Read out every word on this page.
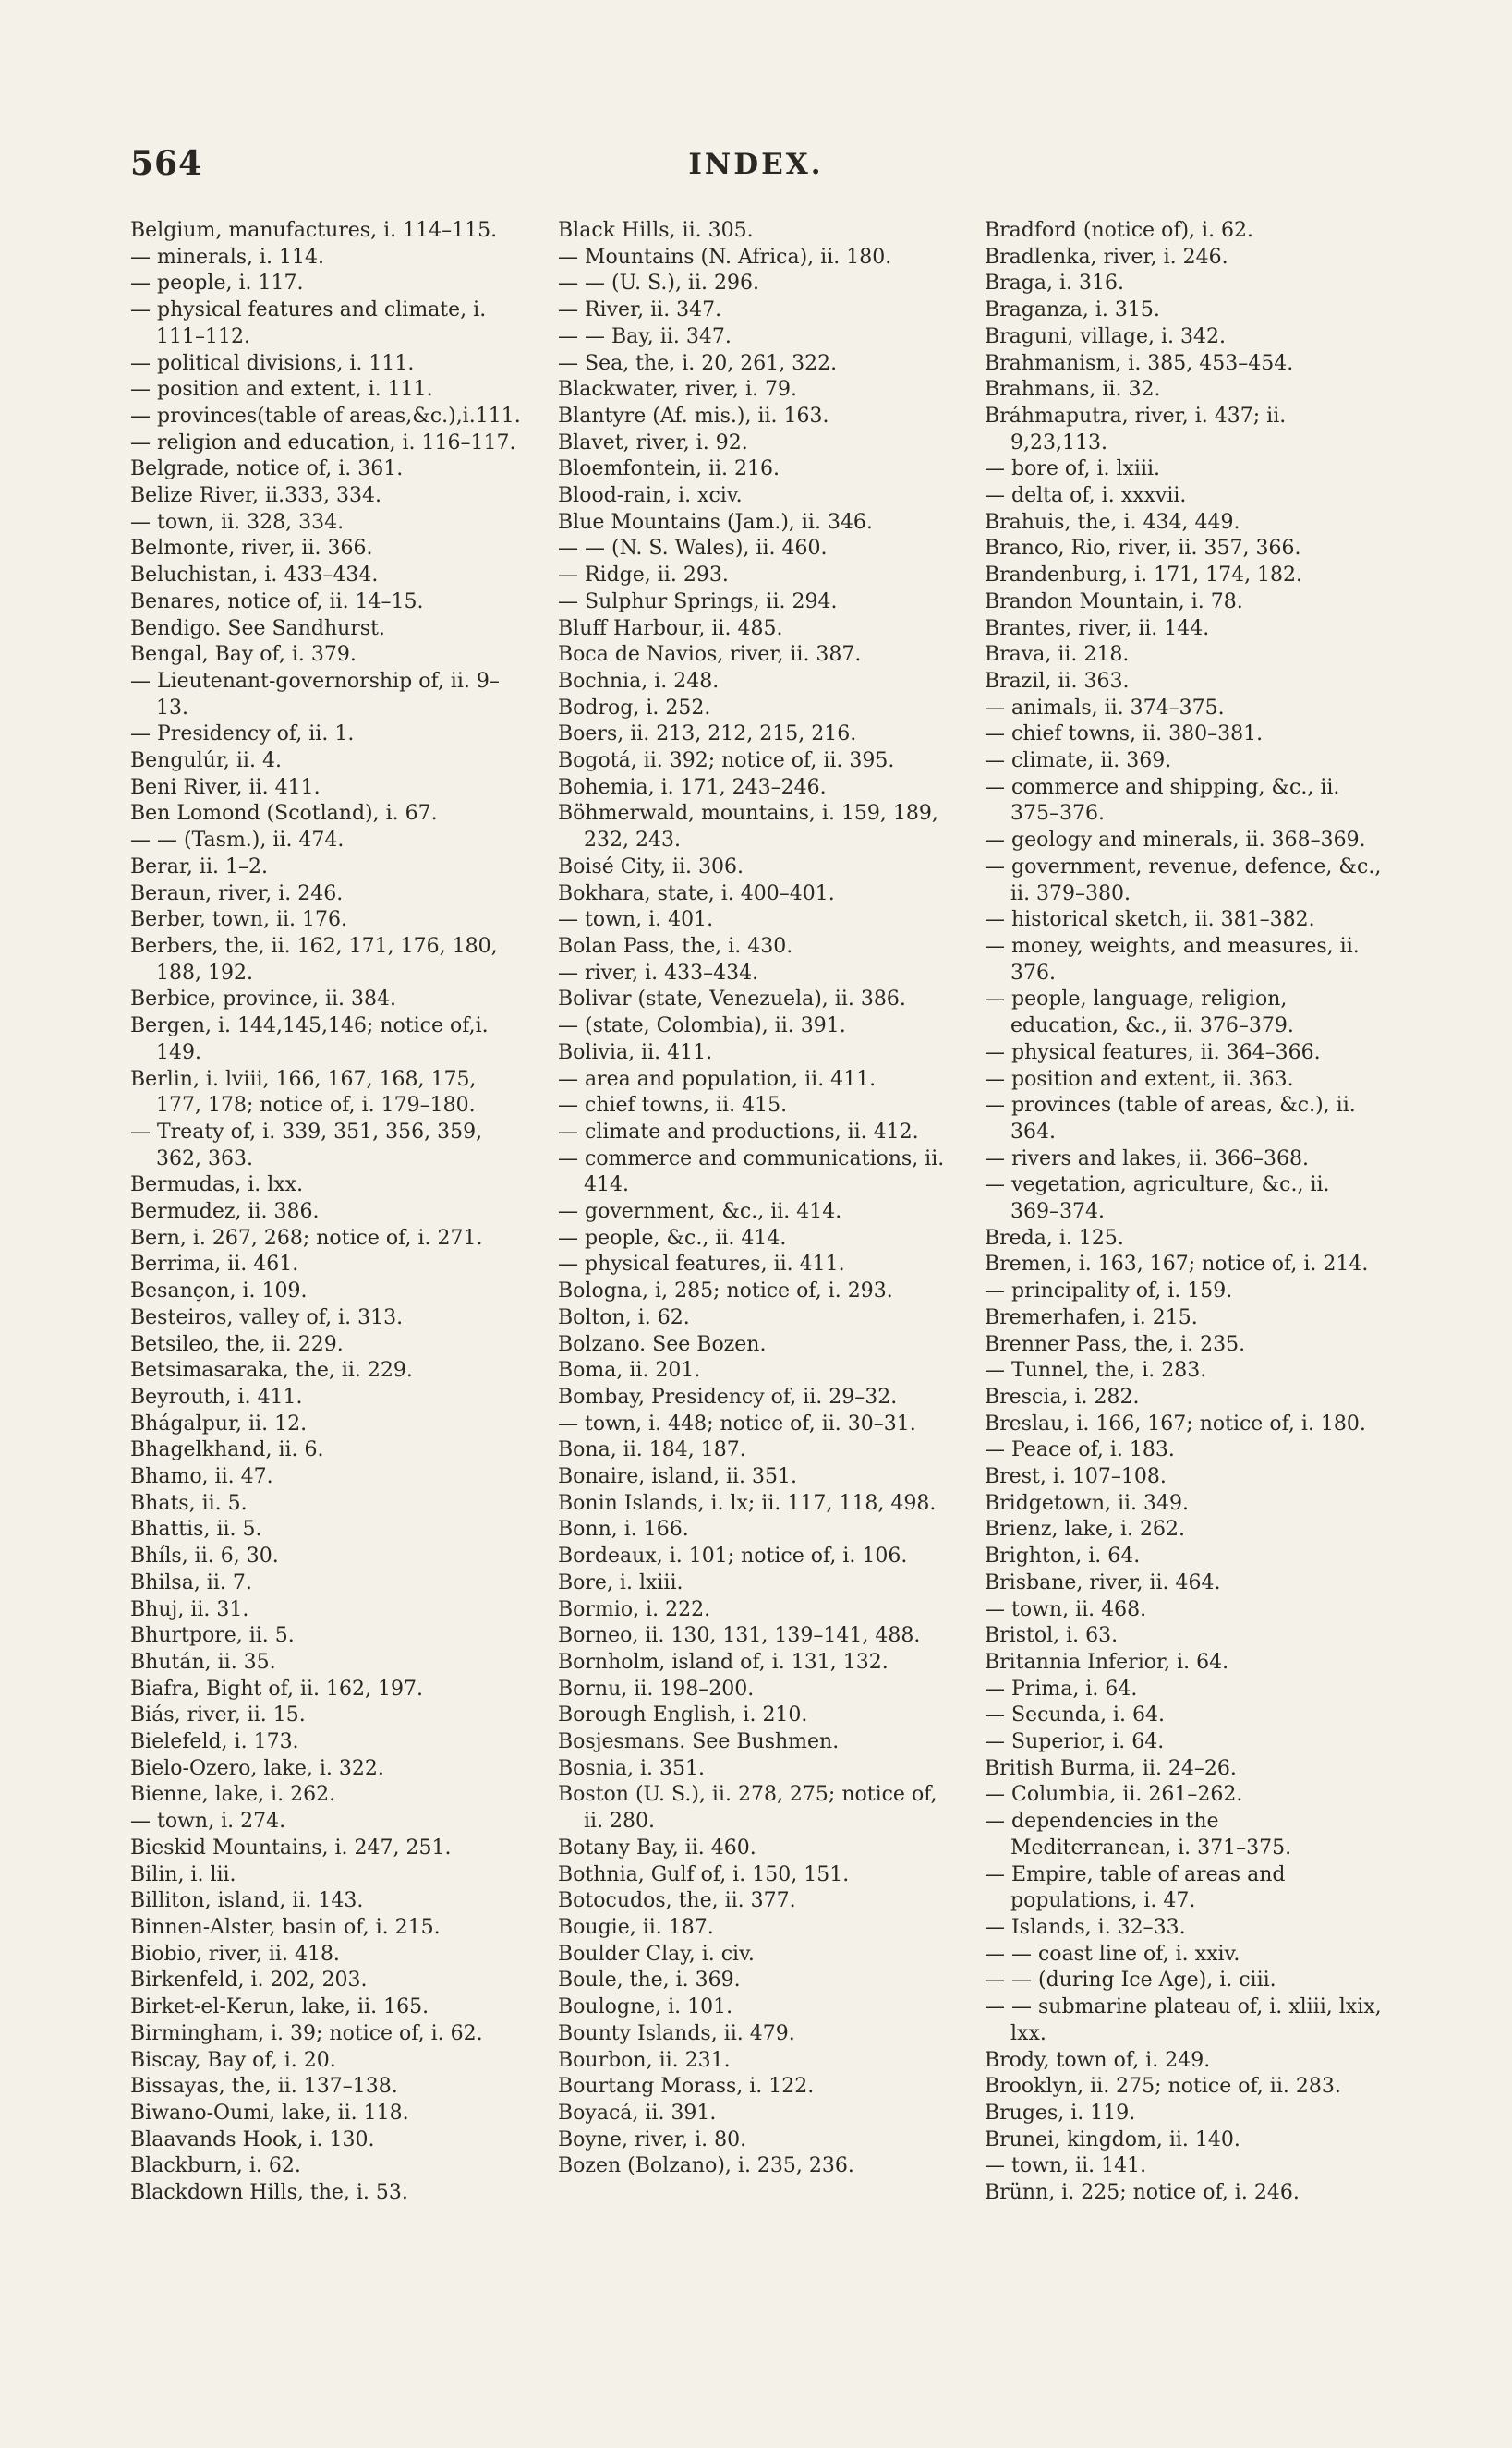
564	INDEX.
Belgium, manufactures, i. 114–115.
— minerals, i. 114.
— people, i. 117.
— physical features and climate, i. 111–112.
— political divisions, i. 111.
— position and extent, i. 111.
— provinces(table of areas,&c.),i.111.
— religion and education, i. 116–117.
Belgrade, notice of, i. 361.
Belize River, ii.333, 334.
— town, ii. 328, 334.
Belmonte, river, ii. 366.
Beluchistan, i. 433–434.
Benares, notice of, ii. 14–15.
Bendigo. See Sandhurst.
Bengal, Bay of, i. 379.
— Lieutenant-governorship of, ii. 9–13.
— Presidency of, ii. 1.
Bengulúr, ii. 4.
Beni River, ii. 411.
Ben Lomond (Scotland), i. 67.
— — (Tasm.), ii. 474.
Berar, ii. 1–2.
Beraun, river, i. 246.
Berber, town, ii. 176.
Berbers, the, ii. 162, 171, 176, 180, 188, 192.
Berbice, province, ii. 384.
Bergen, i. 144,145,146; notice of,i. 149.
Berlin, i. lviii, 166, 167, 168, 175, 177, 178; notice of, i. 179–180.
— Treaty of, i. 339, 351, 356, 359, 362, 363.
Bermudas, i. lxx.
Bermudez, ii. 386.
Bern, i. 267, 268; notice of, i. 271.
Berrima, ii. 461.
Besançon, i. 109.
Besteiros, valley of, i. 313.
Betsileo, the, ii. 229.
Betsimasaraka, the, ii. 229.
Beyrouth, i. 411.
Bhágalpur, ii. 12.
Bhagelkhand, ii. 6.
Bhamo, ii. 47.
Bhats, ii. 5.
Bhattis, ii. 5.
Bhíls, ii. 6, 30.
Bhilsa, ii. 7.
Bhuj, ii. 31.
Bhurtpore, ii. 5.
Bhután, ii. 35.
Biafra, Bight of, ii. 162, 197.
Biás, river, ii. 15.
Bielefeld, i. 173.
Bielo-Ozero, lake, i. 322.
Bienne, lake, i. 262.
— town, i. 274.
Bieskid Mountains, i. 247, 251.
Bilin, i. lii.
Billiton, island, ii. 143.
Binnen-Alster, basin of, i. 215.
Biobio, river, ii. 418.
Birkenfeld, i. 202, 203.
Birket-el-Kerun, lake, ii. 165.
Birmingham, i. 39; notice of, i. 62.
Biscay, Bay of, i. 20.
Bissayas, the, ii. 137–138.
Biwano-Oumi, lake, ii. 118.
Blaavands Hook, i. 130.
Blackburn, i. 62.
Blackdown Hills, the, i. 53.
Black Hills, ii. 305.
— Mountains (N. Africa), ii. 180.
— — (U. S.), ii. 296.
— River, ii. 347.
— — Bay, ii. 347.
— Sea, the, i. 20, 261, 322.
Blackwater, river, i. 79.
Blantyre (Af. mis.), ii. 163.
Blavet, river, i. 92.
Bloemfontein, ii. 216.
Blood-rain, i. xciv.
Blue Mountains (Jam.), ii. 346.
— — (N. S. Wales), ii. 460.
— Ridge, ii. 293.
— Sulphur Springs, ii. 294.
Bluff Harbour, ii. 485.
Boca de Navios, river, ii. 387.
Bochnia, i. 248.
Bodrog, i. 252.
Boers, ii. 213, 212, 215, 216.
Bogotá, ii. 392; notice of, ii. 395.
Bohemia, i. 171, 243–246.
Böhmerwald, mountains, i. 159, 189, 232, 243.
Boisé City, ii. 306.
Bokhara, state, i. 400–401.
— town, i. 401.
Bolan Pass, the, i. 430.
— river, i. 433–434.
Bolivar (state, Venezuela), ii. 386.
— (state, Colombia), ii. 391.
Bolivia, ii. 411.
— area and population, ii. 411.
— chief towns, ii. 415.
— climate and productions, ii. 412.
— commerce and communications, ii. 414.
— government, &c., ii. 414.
— people, &c., ii. 414.
— physical features, ii. 411.
Bologna, i, 285; notice of, i. 293.
Bolton, i. 62.
Bolzano. See Bozen.
Boma, ii. 201.
Bombay, Presidency of, ii. 29–32.
— town, i. 448; notice of, ii. 30–31.
Bona, ii. 184, 187.
Bonaire, island, ii. 351.
Bonin Islands, i. lx; ii. 117, 118, 498.
Bonn, i. 166.
Bordeaux, i. 101; notice of, i. 106.
Bore, i. lxiii.
Bormio, i. 222.
Borneo, ii. 130, 131, 139–141, 488.
Bornholm, island of, i. 131, 132.
Bornu, ii. 198–200.
Borough English, i. 210.
Bosjesmans. See Bushmen.
Bosnia, i. 351.
Boston (U. S.), ii. 278, 275; notice of, ii. 280.
Botany Bay, ii. 460.
Bothnia, Gulf of, i. 150, 151.
Botocudos, the, ii. 377.
Bougie, ii. 187.
Boulder Clay, i. civ.
Boule, the, i. 369.
Boulogne, i. 101.
Bounty Islands, ii. 479.
Bourbon, ii. 231.
Bourtang Morass, i. 122.
Boyacá, ii. 391.
Boyne, river, i. 80.
Bozen (Bolzano), i. 235, 236.
Bradford (notice of), i. 62.
Bradlenka, river, i. 246.
Braga, i. 316.
Braganza, i. 315.
Braguni, village, i. 342.
Brahmanism, i. 385, 453–454.
Brahmans, ii. 32.
Bráhmaputra, river, i. 437; ii. 9,23,113.
— bore of, i. lxiii.
— delta of, i. xxxvii.
Brahuis, the, i. 434, 449.
Branco, Rio, river, ii. 357, 366.
Brandenburg, i. 171, 174, 182.
Brandon Mountain, i. 78.
Brantes, river, ii. 144.
Brava, ii. 218.
Brazil, ii. 363.
— animals, ii. 374–375.
— chief towns, ii. 380–381.
— climate, ii. 369.
— commerce and shipping, &c., ii. 375–376.
— geology and minerals, ii. 368–369.
— government, revenue, defence, &c., ii. 379–380.
— historical sketch, ii. 381–382.
— money, weights, and measures, ii. 376.
— people, language, religion, education, &c., ii. 376–379.
— physical features, ii. 364–366.
— position and extent, ii. 363.
— provinces (table of areas, &c.), ii. 364.
— rivers and lakes, ii. 366–368.
— vegetation, agriculture, &c., ii. 369–374.
Breda, i. 125.
Bremen, i. 163, 167; notice of, i. 214.
— principality of, i. 159.
Bremerhafen, i. 215.
Brenner Pass, the, i. 235.
— Tunnel, the, i. 283.
Brescia, i. 282.
Breslau, i. 166, 167; notice of, i. 180.
— Peace of, i. 183.
Brest, i. 107–108.
Bridgetown, ii. 349.
Brienz, lake, i. 262.
Brighton, i. 64.
Brisbane, river, ii. 464.
— town, ii. 468.
Bristol, i. 63.
Britannia Inferior, i. 64.
— Prima, i. 64.
— Secunda, i. 64.
— Superior, i. 64.
British Burma, ii. 24–26.
— Columbia, ii. 261–262.
— dependencies in the Mediterranean, i. 371–375.
— Empire, table of areas and populations, i. 47.
— Islands, i. 32–33.
— — coast line of, i. xxiv.
— — (during Ice Age), i. ciii.
— — submarine plateau of, i. xliii, lxix, lxx.
Brody, town of, i. 249.
Brooklyn, ii. 275; notice of, ii. 283.
Bruges, i. 119.
Brunei, kingdom, ii. 140.
— town, ii. 141.
Brünn, i. 225; notice of, i. 246.
